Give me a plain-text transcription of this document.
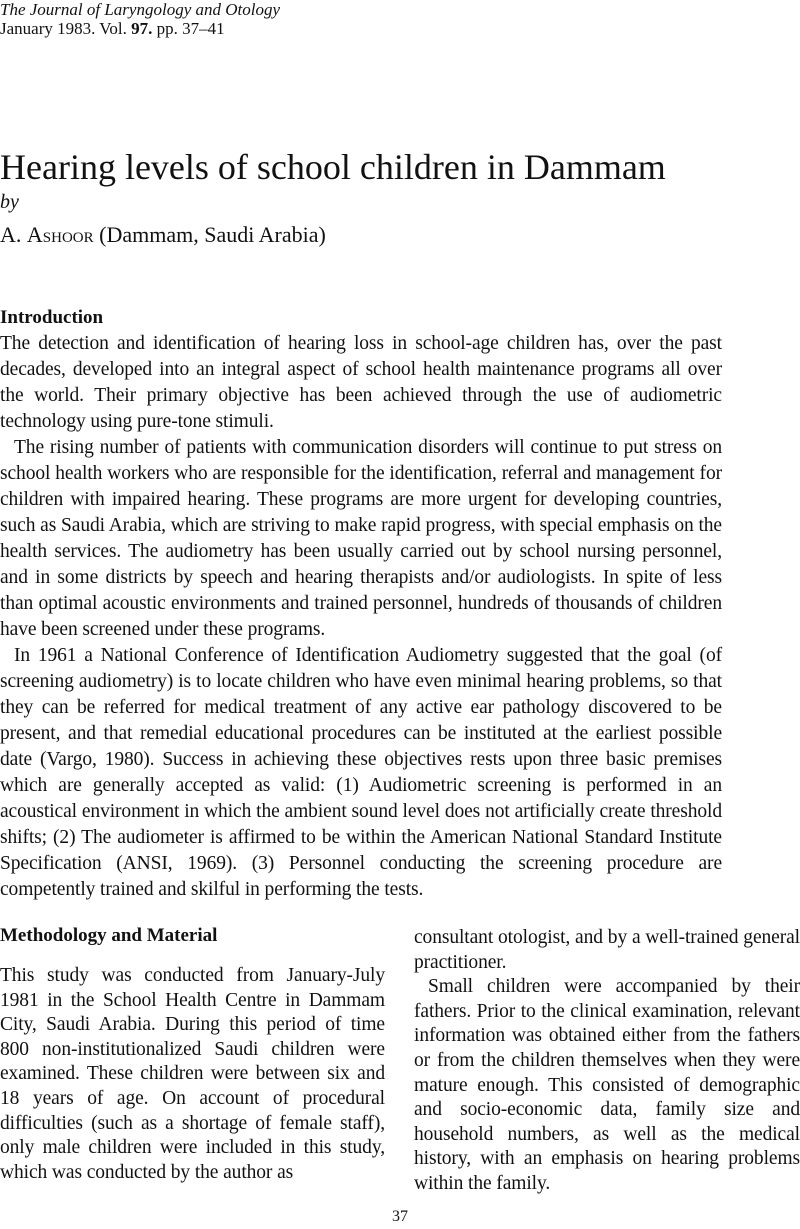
The Journal of Laryngology and Otology
January 1983. Vol. 97. pp. 37–41
Hearing levels of school children in Dammam
by
A. Ashoor (Dammam, Saudi Arabia)
Introduction

The detection and identification of hearing loss in school-age children has, over the past decades, developed into an integral aspect of school health maintenance programs all over the world. Their primary objective has been achieved through the use of audiometric technology using pure-tone stimuli.

The rising number of patients with communication disorders will continue to put stress on school health workers who are responsible for the identification, referral and management for children with impaired hearing. These programs are more urgent for developing countries, such as Saudi Arabia, which are striving to make rapid progress, with special emphasis on the health services. The audiometry has been usually carried out by school nursing personnel, and in some districts by speech and hearing therapists and/or audiologists. In spite of less than optimal acoustic environments and trained personnel, hundreds of thousands of children have been screened under these programs.

In 1961 a National Conference of Identification Audiometry suggested that the goal (of screening audiometry) is to locate children who have even minimal hearing problems, so that they can be referred for medical treatment of any active ear pathology discovered to be present, and that remedial educational procedures can be instituted at the earliest possible date (Vargo, 1980). Success in achieving these objectives rests upon three basic premises which are generally accepted as valid: (1) Audiometric screening is performed in an acoustical environment in which the ambient sound level does not artificially create threshold shifts; (2) The audiometer is affirmed to be within the American National Standard Institute Specification (ANSI, 1969). (3) Personnel conducting the screening procedure are competently trained and skilful in performing the tests.

Methodology and Material

This study was conducted from January-July 1981 in the School Health Centre in Dammam City, Saudi Arabia. During this period of time 800 non-institutionalized Saudi children were examined. These children were between six and 18 years of age. On account of procedural difficulties (such as a shortage of female staff), only male children were included in this study, which was conducted by the author as

consultant otologist, and by a well-trained general practitioner.

Small children were accompanied by their fathers. Prior to the clinical examination, relevant information was obtained either from the fathers or from the children themselves when they were mature enough. This consisted of demographic and socio-economic data, family size and household numbers, as well as the medical history, with an emphasis on hearing problems within the family.

37
